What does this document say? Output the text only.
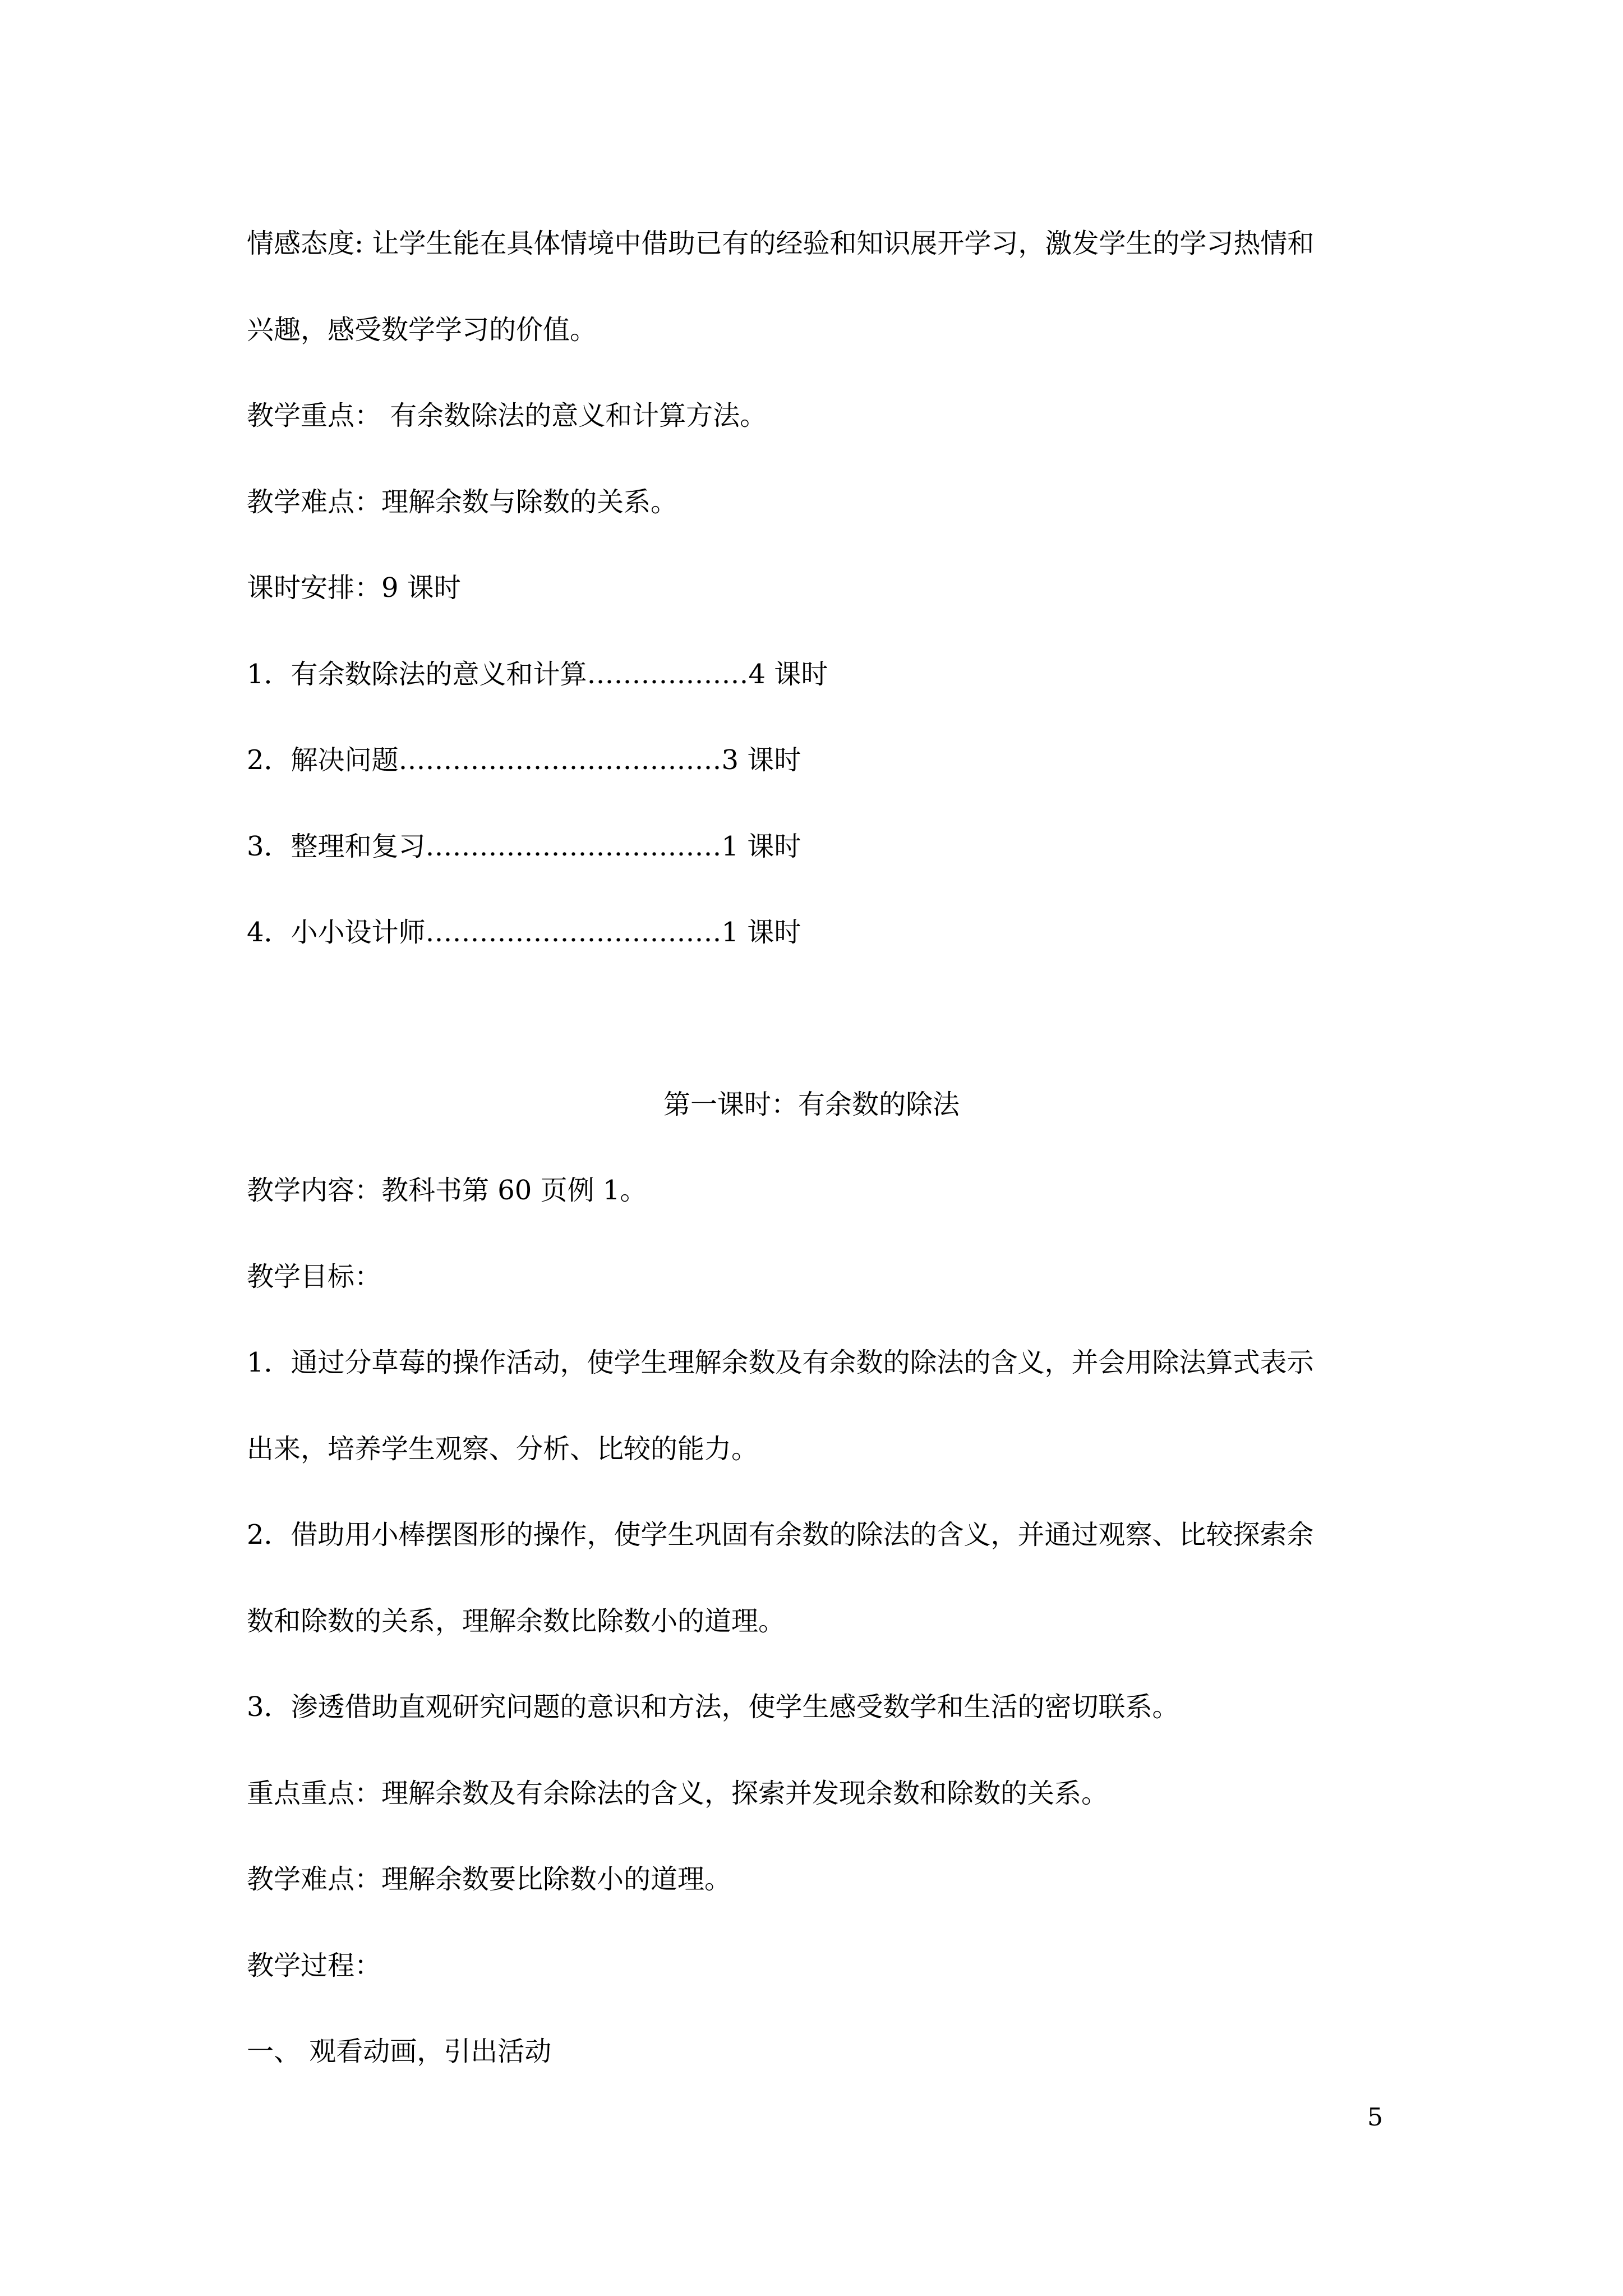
情感态度: 让学生能在具体情境中借助已有的经验和知识展开学习，激发学生的学习热情和
兴趣，感受数学学习的价值。
教学重点： 有余数除法的意义和计算方法。
教学难点：理解余数与除数的关系。
课时安排：9 课时
1．有余数除法的意义和计算………………4 课时
2．解决问题………………………………3 课时
3．整理和复习……………………………1 课时
4．小小设计师……………………………1 课时
第一课时：有余数的除法
教学内容：教科书第 60 页例 1。
教学目标：
1．通过分草莓的操作活动，使学生理解余数及有余数的除法的含义，并会用除法算式表示
出来，培养学生观察、分析、比较的能力。
2．借助用小棒摆图形的操作，使学生巩固有余数的除法的含义，并通过观察、比较探索余
数和除数的关系，理解余数比除数小的道理。
3．渗透借助直观研究问题的意识和方法，使学生感受数学和生活的密切联系。
重点重点：理解余数及有余除法的含义，探索并发现余数和除数的关系。
教学难点：理解余数要比除数小的道理。
教学过程：
一、 观看动画，引出活动
5
